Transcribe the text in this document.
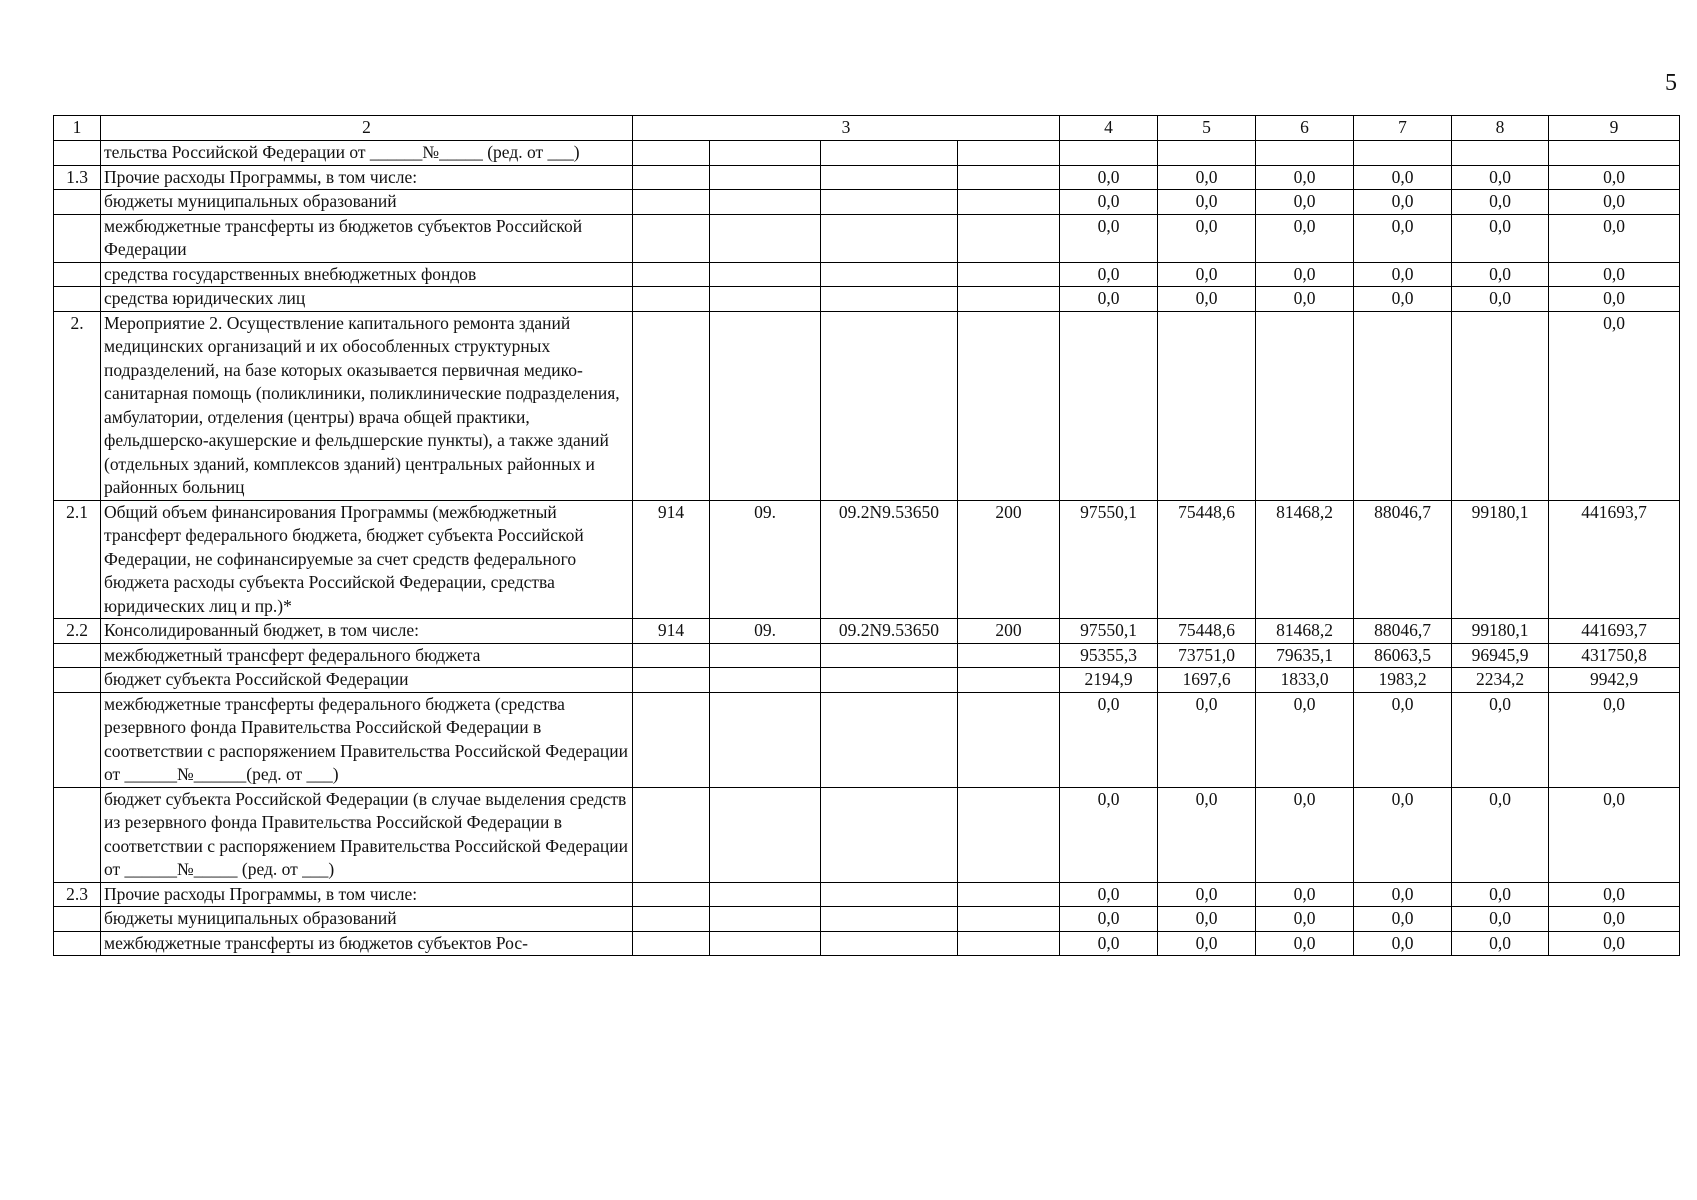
5
1	2	3				4	5	6	7	8	9
	тельства Российской Федерации от ______№_____ (ред. от ___)										
1.3	Прочие расходы Программы, в том числе:					0,0	0,0	0,0	0,0	0,0	0,0
	бюджеты муниципальных образований					0,0	0,0	0,0	0,0	0,0	0,0
	межбюджетные трансферты из бюджетов субъектов Российской Федерации					0,0	0,0	0,0	0,0	0,0	0,0
	средства государственных внебюджетных фондов					0,0	0,0	0,0	0,0	0,0	0,0
	средства юридических лиц					0,0	0,0	0,0	0,0	0,0	0,0
2.	Мероприятие 2. Осуществление капитального ремонта зданий медицинских организаций и их обособленных структурных подразделений, на базе которых оказывается первичная медико-санитарная помощь (поликлиники, поликлинические подразделения, амбулатории, отделения (центры) врача общей практики, фельдшерско-акушерские и фельдшерские пункты), а также зданий (отдельных зданий, комплексов зданий) центральных районных и районных больниц										0,0
2.1	Общий объем финансирования Программы (межбюджетный трансферт федерального бюджета, бюджет субъекта Российской Федерации, не софинансируемые за счет средств федерального бюджета расходы субъекта Российской Федерации, средства юридических лиц и пр.)*	914	09.	09.2N9.53650	200	97550,1	75448,6	81468,2	88046,7	99180,1	441693,7
2.2	Консолидированный бюджет, в том числе:	914	09.	09.2N9.53650	200	97550,1	75448,6	81468,2	88046,7	99180,1	441693,7
	межбюджетный трансферт федерального бюджета					95355,3	73751,0	79635,1	86063,5	96945,9	431750,8
	бюджет субъекта Российской Федерации					2194,9	1697,6	1833,0	1983,2	2234,2	9942,9
	межбюджетные трансферты федерального бюджета (средства резервного фонда Правительства Российской Федерации в соответствии с распоряжением Правительства Российской Федерации от ______№______(ред. от ___)					0,0	0,0	0,0	0,0	0,0	0,0
	бюджет субъекта Российской Федерации (в случае выделения средств из резервного фонда Правительства Российской Федерации в соответствии с распоряжением Правительства Российской Федерации от ______№_____ (ред. от ___)					0,0	0,0	0,0	0,0	0,0	0,0
2.3	Прочие расходы Программы, в том числе:					0,0	0,0	0,0	0,0	0,0	0,0
	бюджеты муниципальных образований					0,0	0,0	0,0	0,0	0,0	0,0
	межбюджетные трансферты из бюджетов субъектов Рос-					0,0	0,0	0,0	0,0	0,0	0,0
